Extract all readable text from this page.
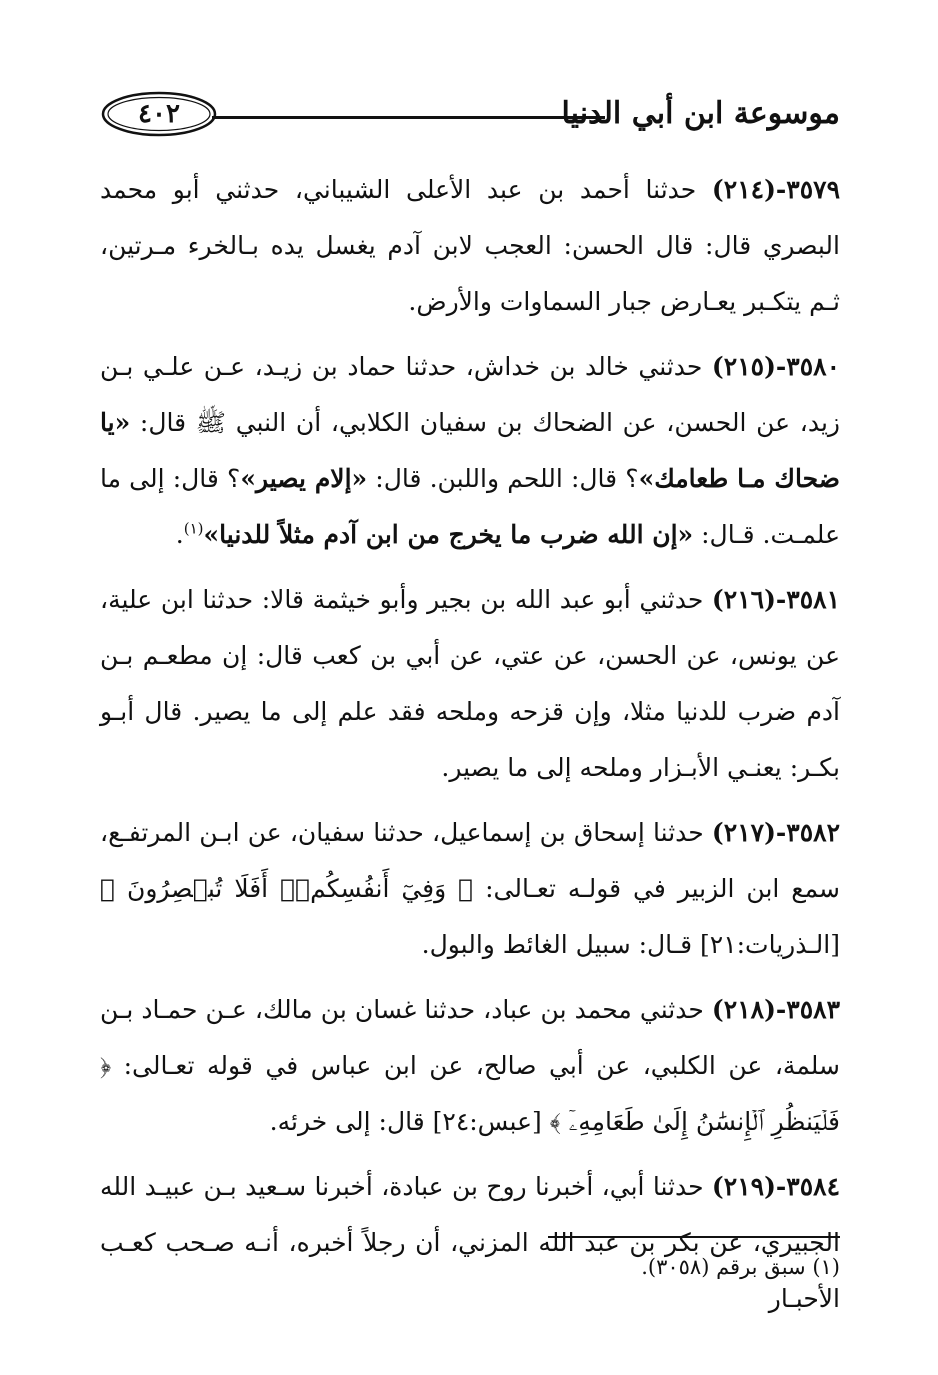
موسوعة ابن أبي الدنيا
٤٠٢

٣٥٧٩-(٢١٤) حدثنا أحمد بن عبد الأعلى الشيباني، حدثني أبو محمد البصري قال: قال الحسن: العجب لابن آدم يغسل يده بـالخرء مـرتين، ثـم يتكـبر يعـارض جبار السماوات والأرض.

٣٥٨٠-(٢١٥) حدثني خالد بن خداش، حدثنا حماد بن زيـد، عـن علـي بـن زيد، عن الحسن، عن الضحاك بن سفيان الكلابي، أن النبي ﷺ قال: «يا ضحاك مـا طعامك»؟ قال: اللحم واللبن. قال: «إلام يصير»؟ قال: إلى ما علمـت. قـال: «إن الله ضرب ما يخرج من ابن آدم مثلاً للدنيا»$^{(١)}$.

٣٥٨١-(٢١٦) حدثني أبو عبد الله بن بجير وأبو خيثمة قالا: حدثنا ابن علية، عن يونس، عن الحسن، عن عتي، عن أبي بن كعب قال: إن مطعـم بـن آدم ضرب للدنيا مثلا، وإن قزحه وملحه فقد علم إلى ما يصير. قال أبـو بكـر: يعنـي الأبـزار وملحه إلى ما يصير.

٣٥٨٢-(٢١٧) حدثنا إسحاق بن إسماعيل، حدثنا سفيان، عن ابـن المرتفـع، سمع ابن الزبير في قولـه تعـالى: ﴿ وَفِيٓ أَنفُسِكُمۡۚ أَفَلَا تُبۡصِرُونَ ﴾ [الـذريات:٢١] قـال: سبيل الغائط والبول.

٣٥٨٣-(٢١٨) حدثني محمد بن عباد، حدثنا غسان بن مالك، عـن حمـاد بـن سلمة، عن الكلبي، عن أبي صالح، عن ابن عباس في قوله تعـالى: ﴿ فَلۡيَنظُرِ ٱلۡإِنسَٰنُ إِلَىٰ طَعَامِهِۦٓ ﴾ [عبس:٢٤] قال: إلى خرئه.

٣٥٨٤-(٢١٩) حدثنا أبي، أخبرنا روح بن عبادة، أخبرنا سـعيد بـن عبيـد الله الجبيري، عن بكر بن عبد الله المزني، أن رجلاً أخبره، أنـه صـحب كعـب الأحبـار

(١) سبق برقم (٣٠٥٨).
